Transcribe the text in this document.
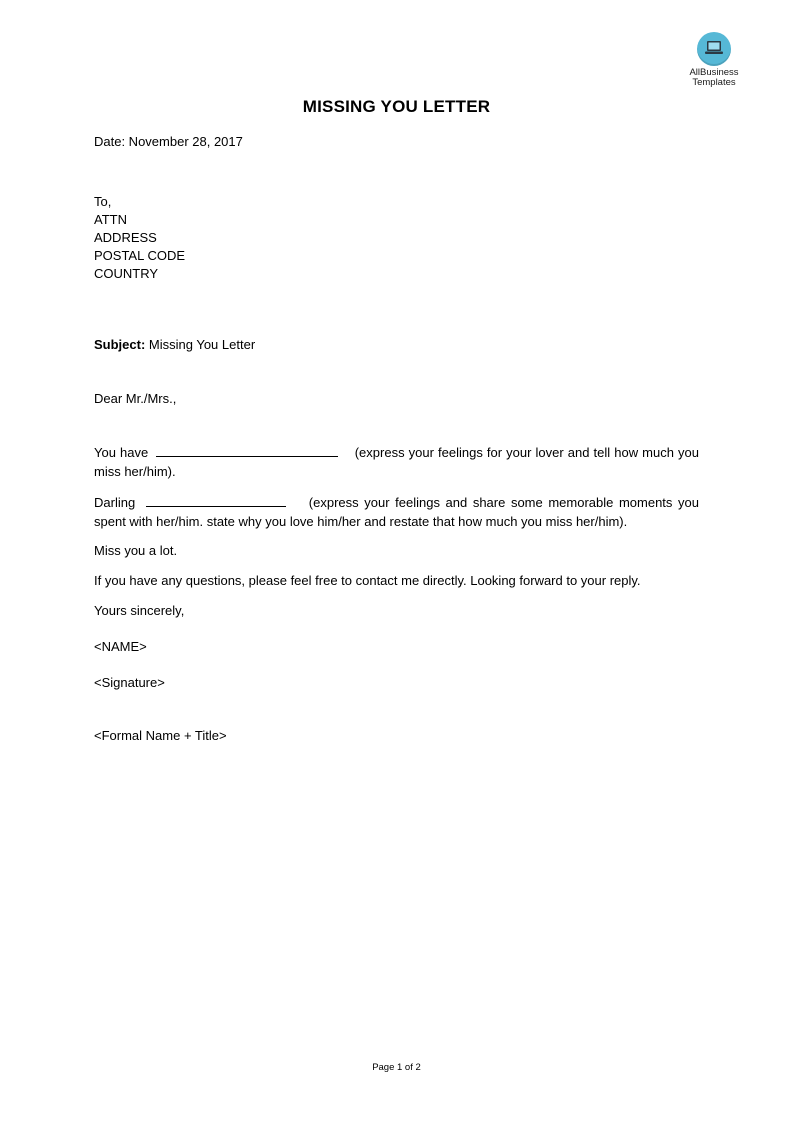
AllBusiness
Templates
MISSING YOU LETTER
Date: November 28, 2017
To,
ATTN
ADDRESS
POSTAL CODE
COUNTRY
Subject: Missing You Letter
Dear Mr./Mrs.,
You have	(express your feelings for your lover and tell how much you miss her/him).
Darling	(express your feelings and share some memorable moments you spent with her/him. state why you love him/her and restate that how much you miss her/him).
Miss you a lot.
If you have any questions, please feel free to contact me directly. Looking forward to your reply.
Yours sincerely,
<NAME>
<Signature>
<Formal Name + Title>
Page 1 of 2
